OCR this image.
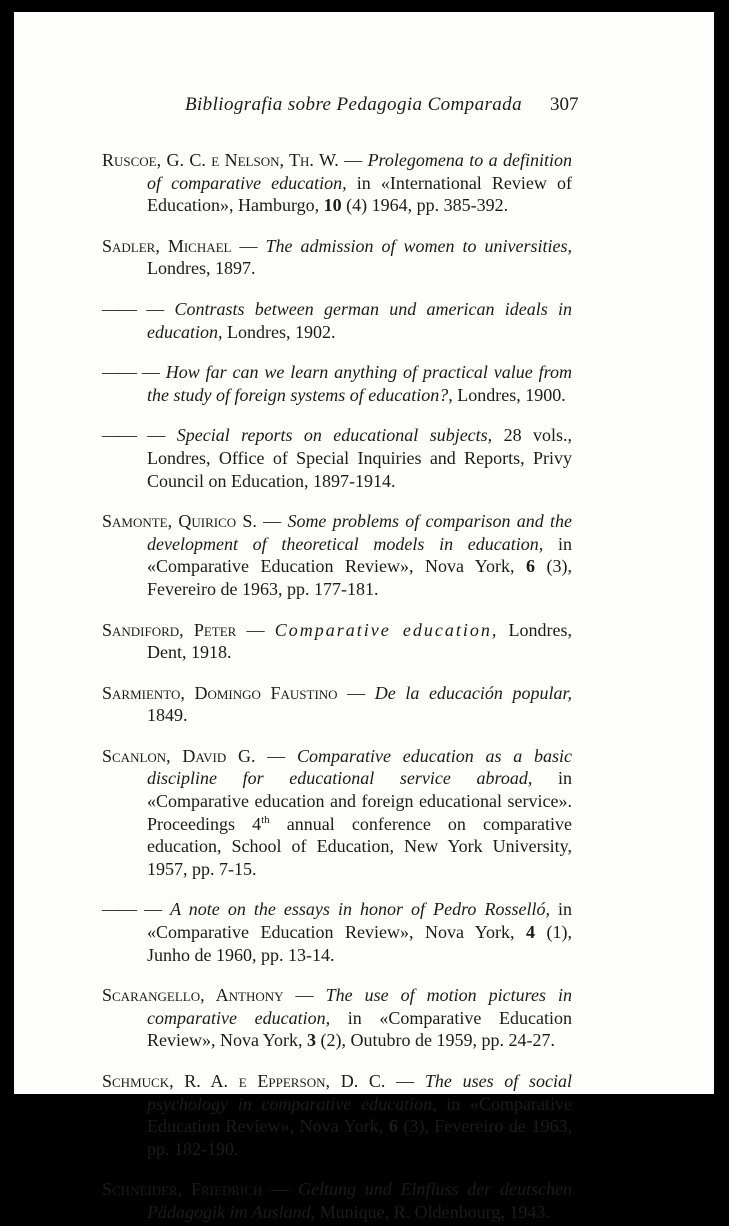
Bibliografia sobre Pedagogia Comparada 307

Ruscoe, G. C. e Nelson, Th. W. — Prolegomena to a definition of comparative education, in «International Review of Education», Hamburgo, 10 (4) 1964, pp. 385-392.

Sadler, Michael — The admission of women to universities, Londres, 1897.

—— — Contrasts between german und american ideals in education, Londres, 1902.

—— — How far can we learn anything of practical value from the study of foreign systems of education?, Londres, 1900.

—— — Special reports on educational subjects, 28 vols., Londres, Office of Special Inquiries and Reports, Privy Council on Education, 1897-1914.

Samonte, Quirico S. — Some problems of comparison and the development of theoretical models in education, in «Comparative Education Review», Nova York, 6 (3), Fevereiro de 1963, pp. 177-181.

Sandiford, Peter — Comparative education, Londres, Dent, 1918.

Sarmiento, Domingo Faustino — De la educación popular, 1849.

Scanlon, David G. — Comparative education as a basic discipline for educational service abroad, in «Comparative education and foreign educational service». Proceedings 4th annual conference on comparative education, School of Education, New York University, 1957, pp. 7-15.

—— — A note on the essays in honor of Pedro Rosselló, in «Comparative Education Review», Nova York, 4 (1), Junho de 1960, pp. 13-14.

Scarangello, Anthony — The use of motion pictures in comparative education, in «Comparative Education Review», Nova York, 3 (2), Outubro de 1959, pp. 24-27.

Schmuck, R. A. e Epperson, D. C. — The uses of social psychology in comparative education, in «Comparative Education Review», Nova York, 6 (3), Fevereiro de 1963, pp. 182-190.

Schneider, Friedrich — Geltung und Einfluss der deutschen Pädagogik im Ausland, Munique, R. Oldenbourg, 1943.
